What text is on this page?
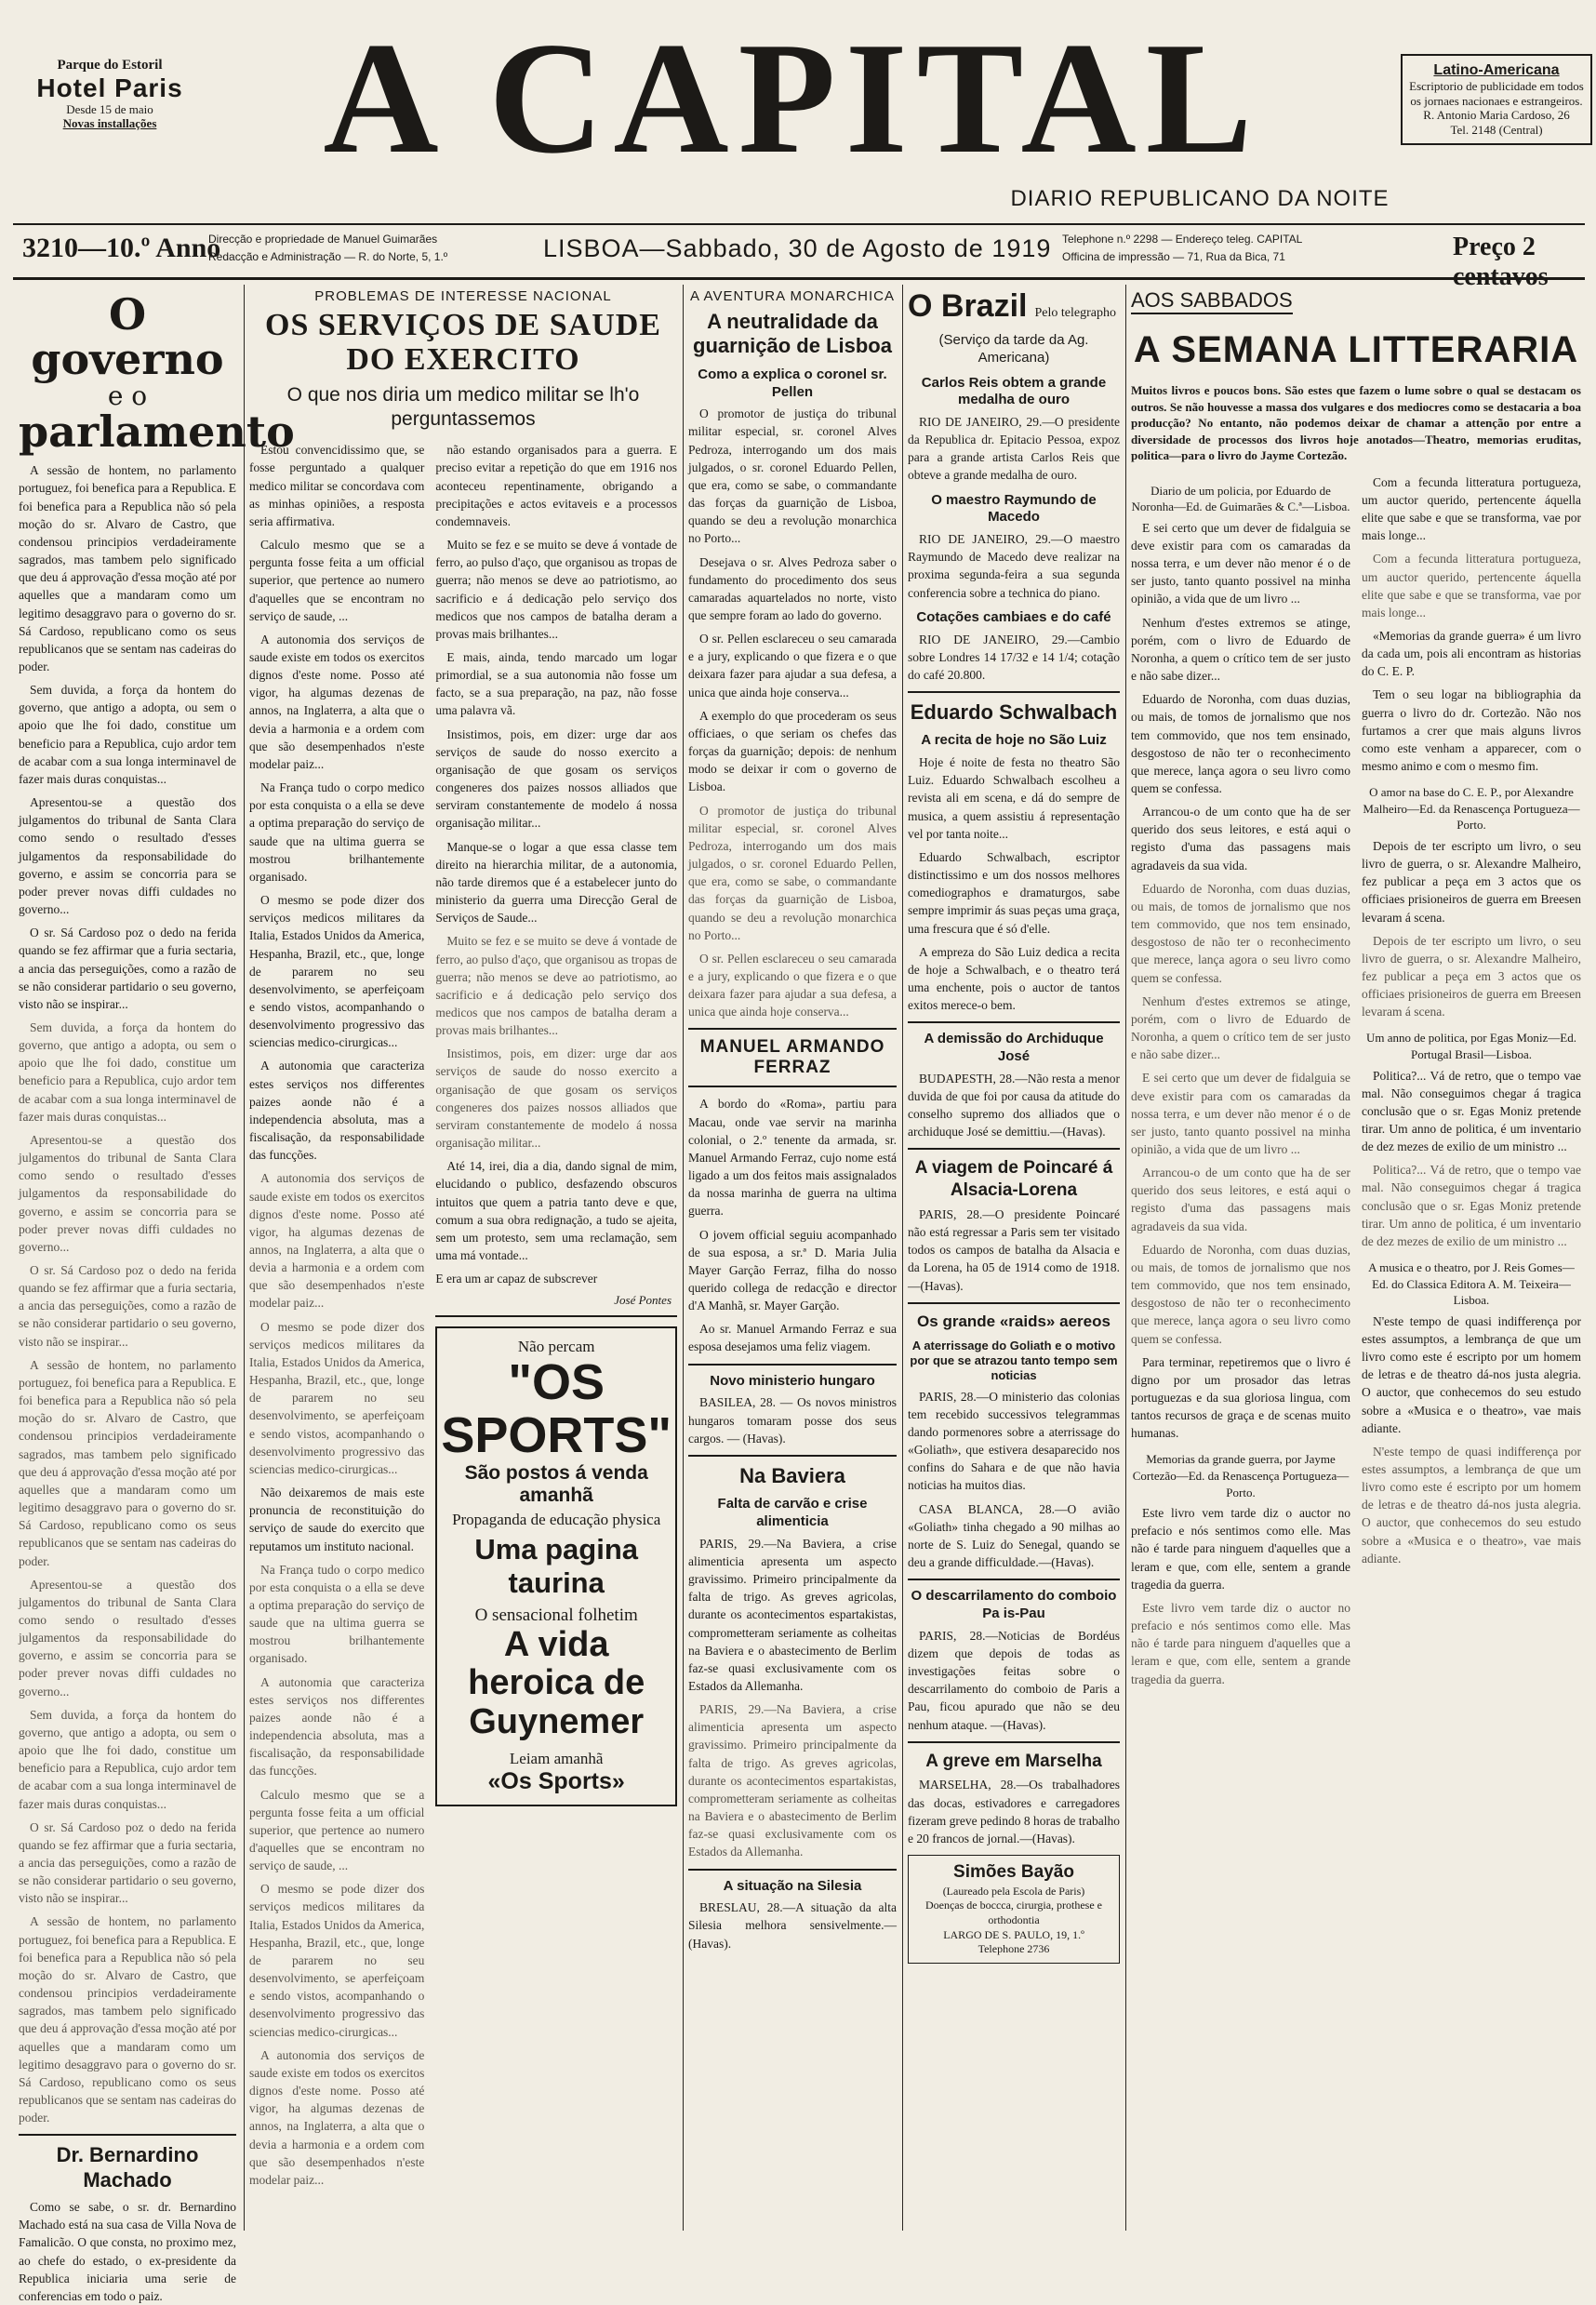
Parque do Estoril
Hotel Paris
Desde 15 de maio
Novas installações	A CAPITAL
DIARIO REPUBLICANO DA NOITE
Latino-Americana
Escriptorio de publicidade em todos os jornaes nacionaes e estrangeiros.
R. Antonio Maria Cardoso, 26
Tel. 2148 (Central)
3210—10.º Anno
Direcção e propriedade de Manuel Guimarães
Redacção e Administração — R. do Norte, 5, 1.º	LISBOA—Sabbado, 30 de Agosto de 1919 Telephone n.º 2298 — Endereço teleg. CAPITAL
Officina de impressão — 71, Rua da Bica, 71	Preço 2 centavos
O governo
e o
parlamento

A sessão de hontem, no parlamento portuguez, foi benefica para a Republica. E foi benefica para a Republica não só pela moção do sr. Alvaro de Castro, que condensou principios verdadeiramente sagrados, mas tambem pelo significado que deu á approvação d'essa moção até por aquelles que a mandaram como um legitimo desaggravo para o governo do sr. Sá Cardoso, republicano como os seus republicanos que se sentam nas cadeiras do poder.

Sem duvida, a força da hontem do governo, que antigo a adopta, ou sem o apoio que lhe foi dado, constitue um beneficio para a Republica, cujo ardor tem de acabar com a sua longa interminavel de fazer mais duras conquistas...

Apresentou-se a questão dos julgamentos do tribunal de Santa Clara como sendo o resultado d'esses julgamentos da responsabilidade do governo, e assim se concorria para se poder prever novas diffi culdades no governo...

O sr. Sá Cardoso poz o dedo na ferida quando se fez affirmar que a furia sectaria, a ancia das perseguições, como a razão de se não considerar partidario o seu governo, visto não se inspirar...

Sem duvida, a força da hontem do governo, que antigo a adopta, ou sem o apoio que lhe foi dado, constitue um beneficio para a Republica, cujo ardor tem de acabar com a sua longa interminavel de fazer mais duras conquistas...

Apresentou-se a questão dos julgamentos do tribunal de Santa Clara como sendo o resultado d'esses julgamentos da responsabilidade do governo, e assim se concorria para se poder prever novas diffi culdades no governo...

O sr. Sá Cardoso poz o dedo na ferida quando se fez affirmar que a furia sectaria, a ancia das perseguições, como a razão de se não considerar partidario o seu governo, visto não se inspirar...

A sessão de hontem, no parlamento portuguez, foi benefica para a Republica. E foi benefica para a Republica não só pela moção do sr. Alvaro de Castro, que condensou principios verdadeiramente sagrados, mas tambem pelo significado que deu á approvação d'essa moção até por aquelles que a mandaram como um legitimo desaggravo para o governo do sr. Sá Cardoso, republicano como os seus republicanos que se sentam nas cadeiras do poder.

Apresentou-se a questão dos julgamentos do tribunal de Santa Clara como sendo o resultado d'esses julgamentos da responsabilidade do governo, e assim se concorria para se poder prever novas diffi culdades no governo...

Sem duvida, a força da hontem do governo, que antigo a adopta, ou sem o apoio que lhe foi dado, constitue um beneficio para a Republica, cujo ardor tem de acabar com a sua longa interminavel de fazer mais duras conquistas...

O sr. Sá Cardoso poz o dedo na ferida quando se fez affirmar que a furia sectaria, a ancia das perseguições, como a razão de se não considerar partidario o seu governo, visto não se inspirar...

A sessão de hontem, no parlamento portuguez, foi benefica para a Republica. E foi benefica para a Republica não só pela moção do sr. Alvaro de Castro, que condensou principios verdadeiramente sagrados, mas tambem pelo significado que deu á approvação d'essa moção até por aquelles que a mandaram como um legitimo desaggravo para o governo do sr. Sá Cardoso, republicano como os seus republicanos que se sentam nas cadeiras do poder.

Dr. Bernardino Machado

Como se sabe, o sr. dr. Bernardino Machado está na sua casa de Villa Nova de Famalicão. O que consta, no proximo mez, ao chefe do estado, o ex-presidente da Republica iniciaria uma serie de conferencias em todo o paiz.

PROBLEMAS DE INTERESSE NACIONAL
OS SERVIÇOS DE SAUDE DO EXERCITO
O que nos diria um medico militar se lh'o perguntassemos

Estou convencidissimo que, se fosse perguntado a qualquer medico militar se concordava com as minhas opiniões, a resposta seria affirmativa.

Calculo mesmo que se a pergunta fosse feita a um official superior, que pertence ao numero d'aquelles que se encontram no serviço de saude, ...

A autonomia dos serviços de saude existe em todos os exercitos dignos d'este nome. Posso até vigor, ha algumas dezenas de annos, na Inglaterra, a alta que o devia a harmonia e a ordem com que são desempenhados n'este modelar paiz...

Na França tudo o corpo medico por esta conquista o a ella se deve a optima preparação do serviço de saude que na ultima guerra se mostrou brilhantemente organisado.

O mesmo se pode dizer dos serviços medicos militares da Italia, Estados Unidos da America, Hespanha, Brazil, etc., que, longe de pararem no seu desenvolvimento, se aperfeiçoam e sendo vistos, acompanhando o desenvolvimento progressivo das sciencias medico-cirurgicas...

A autonomia que caracteriza estes serviços nos differentes paizes aonde não é a independencia absoluta, mas a fiscalisação, da responsabilidade das funcções.

A autonomia dos serviços de saude existe em todos os exercitos dignos d'este nome. Posso até vigor, ha algumas dezenas de annos, na Inglaterra, a alta que o devia a harmonia e a ordem com que são desempenhados n'este modelar paiz...

O mesmo se pode dizer dos serviços medicos militares da Italia, Estados Unidos da America, Hespanha, Brazil, etc., que, longe de pararem no seu desenvolvimento, se aperfeiçoam e sendo vistos, acompanhando o desenvolvimento progressivo das sciencias medico-cirurgicas...

Não deixaremos de mais este pronuncia de reconstituição do serviço de saude do exercito que reputamos um instituto nacional.

Na França tudo o corpo medico por esta conquista o a ella se deve a optima preparação do serviço de saude que na ultima guerra se mostrou brilhantemente organisado.

A autonomia que caracteriza estes serviços nos differentes paizes aonde não é a independencia absoluta, mas a fiscalisação, da responsabilidade das funcções.

Calculo mesmo que se a pergunta fosse feita a um official superior, que pertence ao numero d'aquelles que se encontram no serviço de saude, ...

O mesmo se pode dizer dos serviços medicos militares da Italia, Estados Unidos da America, Hespanha, Brazil, etc., que, longe de pararem no seu desenvolvimento, se aperfeiçoam e sendo vistos, acompanhando o desenvolvimento progressivo das sciencias medico-cirurgicas...

A autonomia dos serviços de saude existe em todos os exercitos dignos d'este nome. Posso até vigor, ha algumas dezenas de annos, na Inglaterra, a alta que o devia a harmonia e a ordem com que são desempenhados n'este modelar paiz...

não estando organisados para a guerra. E preciso evitar a repetição do que em 1916 nos aconteceu repentinamente, obrigando a precipitações e actos evitaveis e a processos condemnaveis.

Muito se fez e se muito se deve á vontade de ferro, ao pulso d'aço, que organisou as tropas de guerra; não menos se deve ao patriotismo, ao sacrificio e á dedicação pelo serviço dos medicos que nos campos de batalha deram a provas mais brilhantes...

E mais, ainda, tendo marcado um logar primordial, se a sua autonomia não fosse um facto, se a sua preparação, na paz, não fosse uma palavra vã.

Insistimos, pois, em dizer: urge dar aos serviços de saude do nosso exercito a organisação de que gosam os serviços congeneres dos paizes nossos alliados que serviram constantemente de modelo á nossa organisação militar...

Manque-se o logar a que essa classe tem direito na hierarchia militar, de a autonomia, não tarde diremos que é a estabelecer junto do ministerio da guerra uma Direcção Geral de Serviços de Saude...

Muito se fez e se muito se deve á vontade de ferro, ao pulso d'aço, que organisou as tropas de guerra; não menos se deve ao patriotismo, ao sacrificio e á dedicação pelo serviço dos medicos que nos campos de batalha deram a provas mais brilhantes...

Insistimos, pois, em dizer: urge dar aos serviços de saude do nosso exercito a organisação de que gosam os serviços congeneres dos paizes nossos alliados que serviram constantemente de modelo á nossa organisação militar...

Até 14, irei, dia a dia, dando signal de mim, elucidando o publico, desfazendo obscuros intuitos que quem a patria tanto deve e que, comum a sua obra redignação, a tudo se ajeita, sem um protesto, sem uma reclamação, sem uma má vontade...

E era um ar capaz de subscrever

José Pontes
Não percam
"OS SPORTS"
São postos á venda amanhã
Propaganda de educação physica
Uma pagina taurina
O sensacional folhetim
A vida heroica de Guynemer
Leiam amanhã
«Os Sports»
A AVENTURA MONARCHICA
A neutralidade da guarnição de Lisboa
Como a explica o coronel sr. Pellen

O promotor de justiça do tribunal militar especial, sr. coronel Alves Pedroza, interrogando um dos mais julgados, o sr. coronel Eduardo Pellen, que era, como se sabe, o commandante das forças da guarnição de Lisboa, quando se deu a revolução monarchica no Porto...

Desejava o sr. Alves Pedroza saber o fundamento do procedimento dos seus camaradas aquartelados no norte, visto que sempre foram ao lado do governo.

O sr. Pellen esclareceu o seu camarada e a jury, explicando o que fizera e o que deixara fazer para ajudar a sua defesa, a unica que ainda hoje conserva...

A exemplo do que procederam os seus officiaes, o que seriam os chefes das forças da guarnição; depois: de nenhum modo se deixar ir com o governo de Lisboa.

O promotor de justiça do tribunal militar especial, sr. coronel Alves Pedroza, interrogando um dos mais julgados, o sr. coronel Eduardo Pellen, que era, como se sabe, o commandante das forças da guarnição de Lisboa, quando se deu a revolução monarchica no Porto...

O sr. Pellen esclareceu o seu camarada e a jury, explicando o que fizera e o que deixara fazer para ajudar a sua defesa, a unica que ainda hoje conserva...

MANUEL ARMANDO FERRAZ

A bordo do «Roma», partiu para Macau, onde vae servir na marinha colonial, o 2.º tenente da armada, sr. Manuel Armando Ferraz, cujo nome está ligado a um dos feitos mais assignalados da nossa marinha de guerra na ultima guerra.

O jovem official seguiu acompanhado de sua esposa, a sr.ª D. Maria Julia Mayer Garção Ferraz, filha do nosso querido collega de redacção e director d'A Manhã, sr. Mayer Garção.

Ao sr. Manuel Armando Ferraz e sua esposa desejamos uma feliz viagem.

Novo ministerio hungaro

BASILEA, 28. — Os novos ministros hungaros tomaram posse dos seus cargos. — (Havas).

Na Baviera
Falta de carvão e crise alimenticia

PARIS, 29.—Na Baviera, a crise alimenticia apresenta um aspecto gravissimo. Primeiro principalmente da falta de trigo. As greves agricolas, durante os acontecimentos espartakistas, comprometteram seriamente as colheitas na Baviera e o abastecimento de Berlim faz-se quasi exclusivamente com os Estados da Allemanha.

PARIS, 29.—Na Baviera, a crise alimenticia apresenta um aspecto gravissimo. Primeiro principalmente da falta de trigo. As greves agricolas, durante os acontecimentos espartakistas, comprometteram seriamente as colheitas na Baviera e o abastecimento de Berlim faz-se quasi exclusivamente com os Estados da Allemanha.

A situação na Silesia

BRESLAU, 28.—A situação da alta Silesia melhora sensivelmente.—(Havas).

O Brazil Pelo telegrapho
(Serviço da tarde da Ag. Americana)
Carlos Reis obtem a grande medalha de ouro

RIO DE JANEIRO, 29.—O presidente da Republica dr. Epitacio Pessoa, expoz para a grande artista Carlos Reis que obteve a grande medalha de ouro.

O maestro Raymundo de Macedo

RIO DE JANEIRO, 29.—O maestro Raymundo de Macedo deve realizar na proxima segunda-feira a sua segunda conferencia sobre a technica do piano.

Cotações cambiaes e do café

RIO DE JANEIRO, 29.—Cambio sobre Londres 14 17/32 e 14 1/4; cotação do café 20.800.

Eduardo Schwalbach
A recita de hoje no São Luiz

Hoje é noite de festa no theatro São Luiz. Eduardo Schwalbach escolheu a revista ali em scena, e dá do sempre de musica, a quem assistiu á representação vel por tanta noite...

Eduardo Schwalbach, escriptor distinctissimo e um dos nossos melhores comediographos e dramaturgos, sabe sempre imprimir ás suas peças uma graça, uma frescura que é só d'elle.

A empreza do São Luiz dedica a recita de hoje a Schwalbach, e o theatro terá uma enchente, pois o auctor de tantos exitos merece-o bem.

A demissão do Archiduque José

BUDAPESTH, 28.—Não resta a menor duvida de que foi por causa da atitude do conselho supremo dos alliados que o archiduque José se demittiu.—(Havas).

A viagem de Poincaré á Alsacia-Lorena

PARIS, 28.—O presidente Poincaré não está regressar a Paris sem ter visitado todos os campos de batalha da Alsacia e da Lorena, ha 05 de 1914 como de 1918.—(Havas).

Os grande «raids» aereos
A aterrissage do Goliath e o motivo por que se atrazou tanto tempo sem noticias

PARIS, 28.—O ministerio das colonias tem recebido successivos telegrammas dando pormenores sobre a aterrissage do «Goliath», que estivera desaparecido nos confins do Sahara e de que não havia noticias ha muitos dias.

CASA BLANCA, 28.—O avião «Goliath» tinha chegado a 90 milhas ao norte de S. Luiz do Senegal, quando se deu a grande difficuldade.—(Havas).

O descarrilamento do comboio Pa is-Pau

PARIS, 28.—Noticias de Bordéus dizem que depois de todas as investigações feitas sobre o descarrilamento do comboio de Paris a Pau, ficou apurado que não se deu nenhum ataque. —(Havas).

A greve em Marselha

MARSELHA, 28.—Os trabalhadores das docas, estivadores e carregadores fizeram greve pedindo 8 horas de trabalho e 20 francos de jornal.—(Havas).

Simões Bayão
(Laureado pela Escola de Paris)
Doenças de boccca, cirurgia, prothese e orthodontia
LARGO DE S. PAULO, 19, 1.º
Telephone 2736
AOS SABBADOS
A SEMANA LITTERARIA

Muitos livros e poucos bons. São estes que fazem o lume sobre o qual se destacam os outros. Se não houvesse a massa dos vulgares e dos mediocres como se destacaria a boa producção? No entanto, não podemos deixar de chamar a attenção por entre a diversidade de processos dos livros hoje anotados—Theatro, memorias eruditas, politica—para o livro do Jayme Cortezão.

Diario de um policia, por Eduardo de Noronha—Ed. de Guimarães & C.ª—Lisboa.

E sei certo que um dever de fidalguia se deve existir para com os camaradas da nossa terra, e um dever não menor é o de ser justo, tanto quanto possivel na minha opinião, a vida que de um livro ...

Nenhum d'estes extremos se atinge, porém, com o livro de Eduardo de Noronha, a quem o crítico tem de ser justo e não sabe dizer...

Eduardo de Noronha, com duas duzias, ou mais, de tomos de jornalismo que nos tem commovido, que nos tem ensinado, desgostoso de não ter o reconhecimento que merece, lança agora o seu livro como quem se confessa.

Arrancou-o de um conto que ha de ser querido dos seus leitores, e está aqui o registo d'uma das passagens mais agradaveis da sua vida.

Eduardo de Noronha, com duas duzias, ou mais, de tomos de jornalismo que nos tem commovido, que nos tem ensinado, desgostoso de não ter o reconhecimento que merece, lança agora o seu livro como quem se confessa.

Nenhum d'estes extremos se atinge, porém, com o livro de Eduardo de Noronha, a quem o crítico tem de ser justo e não sabe dizer...

E sei certo que um dever de fidalguia se deve existir para com os camaradas da nossa terra, e um dever não menor é o de ser justo, tanto quanto possivel na minha opinião, a vida que de um livro ...

Arrancou-o de um conto que ha de ser querido dos seus leitores, e está aqui o registo d'uma das passagens mais agradaveis da sua vida.

Eduardo de Noronha, com duas duzias, ou mais, de tomos de jornalismo que nos tem commovido, que nos tem ensinado, desgostoso de não ter o reconhecimento que merece, lança agora o seu livro como quem se confessa.

Para terminar, repetiremos que o livro é digno por um prosador das letras portuguezas e da sua gloriosa lingua, com tantos recursos de graça e de scenas muito humanas.

Memorias da grande guerra, por Jayme Cortezão—Ed. da Renascença Portugueza—Porto.

Este livro vem tarde diz o auctor no prefacio e nós sentimos como elle. Mas não é tarde para ninguem d'aquelles que a leram e que, com elle, sentem a grande tragedia da guerra.

Este livro vem tarde diz o auctor no prefacio e nós sentimos como elle. Mas não é tarde para ninguem d'aquelles que a leram e que, com elle, sentem a grande tragedia da guerra.

Com a fecunda litteratura portugueza, um auctor querido, pertencente áquella elite que sabe e que se transforma, vae por mais longe...

Com a fecunda litteratura portugueza, um auctor querido, pertencente áquella elite que sabe e que se transforma, vae por mais longe...

«Memorias da grande guerra» é um livro da cada um, pois ali encontram as historias do C. E. P.

Tem o seu logar na bibliographia da guerra o livro do dr. Cortezão. Não nos furtamos a crer que mais alguns livros como este venham a apparecer, com o mesmo animo e com o mesmo fim.

O amor na base do C. E. P., por Alexandre Malheiro—Ed. da Renascença Portugueza—Porto.

Depois de ter escripto um livro, o seu livro de guerra, o sr. Alexandre Malheiro, fez publicar a peça em 3 actos que os officiaes prisioneiros de guerra em Breesen levaram á scena.

Depois de ter escripto um livro, o seu livro de guerra, o sr. Alexandre Malheiro, fez publicar a peça em 3 actos que os officiaes prisioneiros de guerra em Breesen levaram á scena.

Um anno de politica, por Egas Moniz—Ed. Portugal Brasil—Lisboa.

Politica?... Vá de retro, que o tempo vae mal. Não conseguimos chegar á tragica conclusão que o sr. Egas Moniz pretende tirar. Um anno de politica, é um inventario de dez mezes de exilio de um ministro ...

Politica?... Vá de retro, que o tempo vae mal. Não conseguimos chegar á tragica conclusão que o sr. Egas Moniz pretende tirar. Um anno de politica, é um inventario de dez mezes de exilio de um ministro ...

A musica e o theatro, por J. Reis Gomes—Ed. do Classica Editora A. M. Teixeira—Lisboa.

N'este tempo de quasi indifferença por estes assumptos, a lembrança de que um livro como este é escripto por um homem de letras e de theatro dá-nos justa alegria. O auctor, que conhecemos do seu estudo sobre a «Musica e o theatro», vae mais adiante.

N'este tempo de quasi indifferença por estes assumptos, a lembrança de que um livro como este é escripto por um homem de letras e de theatro dá-nos justa alegria. O auctor, que conhecemos do seu estudo sobre a «Musica e o theatro», vae mais adiante.
